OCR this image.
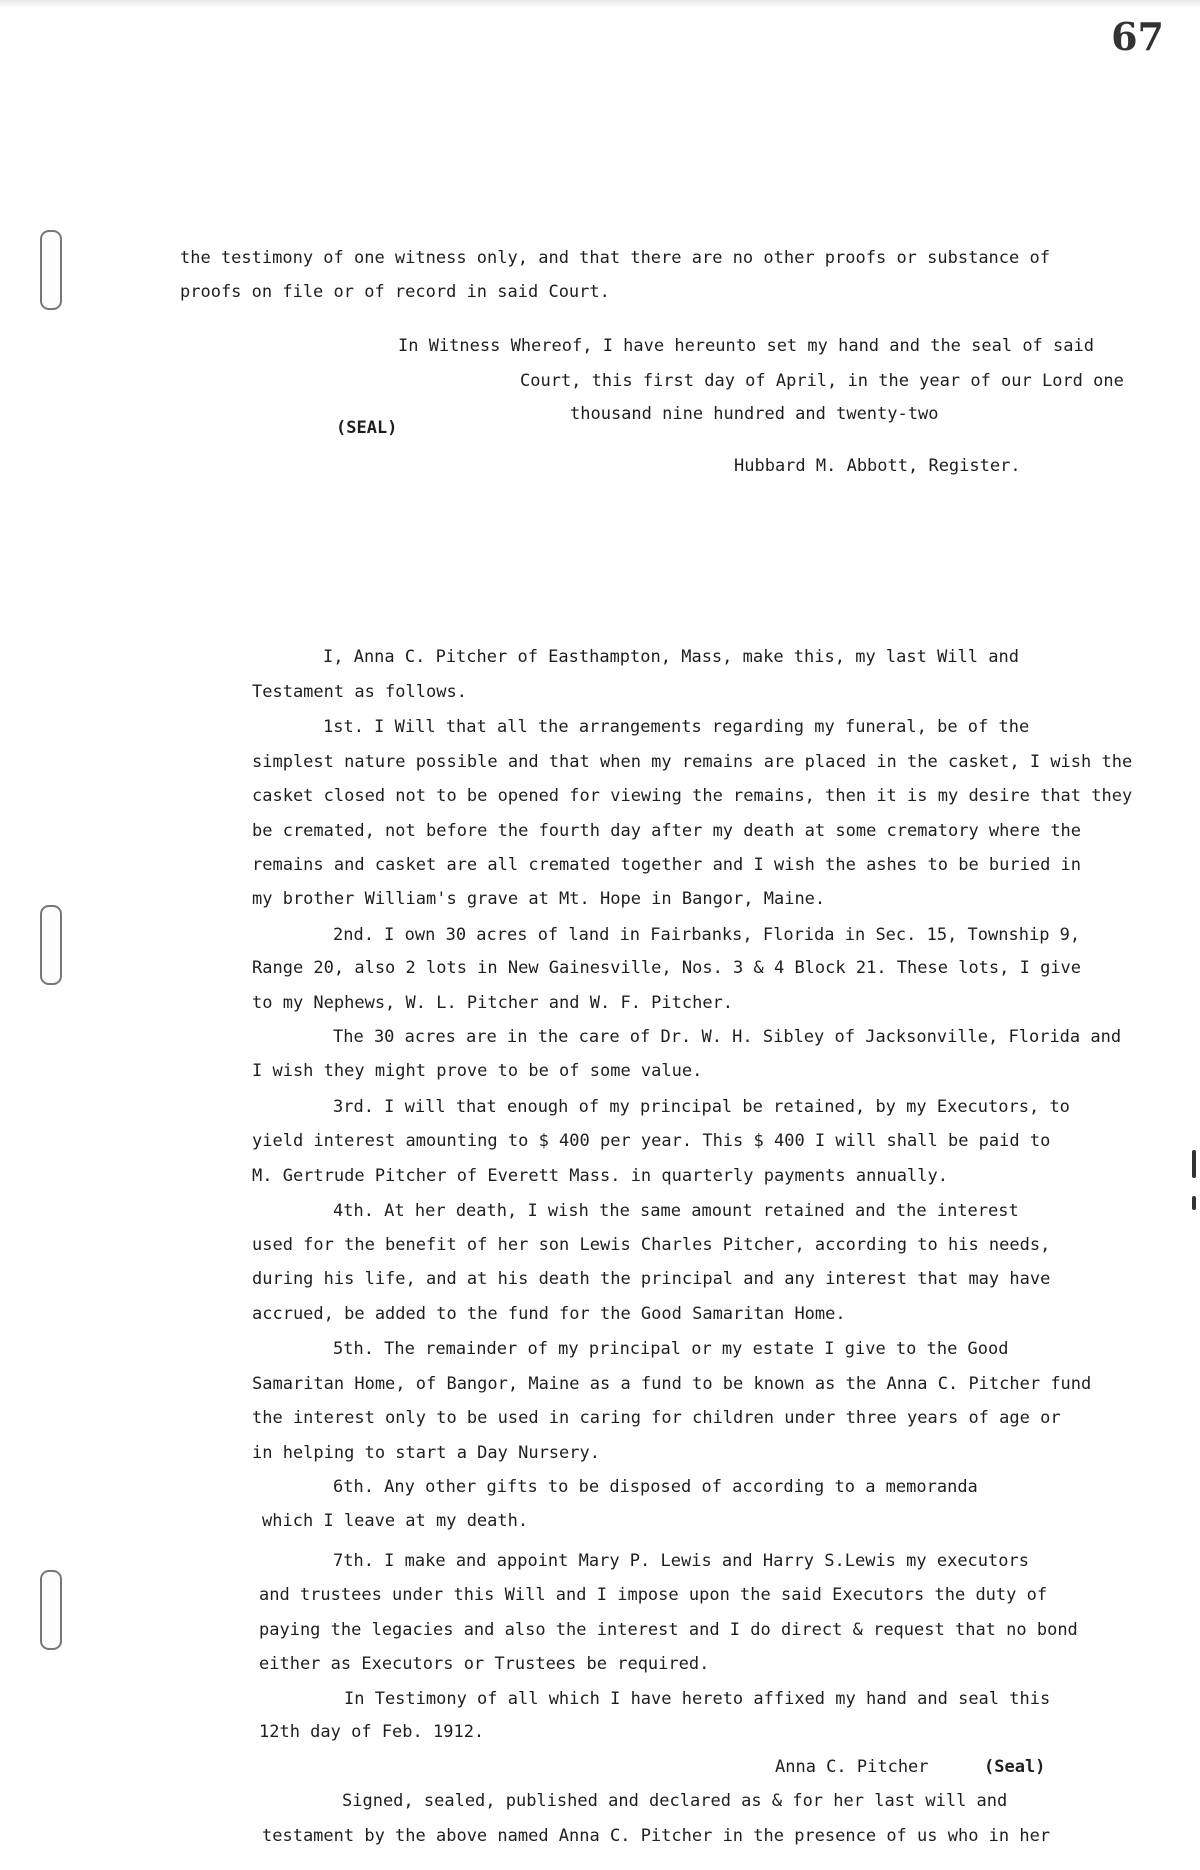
67
the testimony of one witness only, and that there are no other proofs or substance of
proofs on file or of record in said Court.
In Witness Whereof, I have hereunto set my hand and the seal of said
Court, this first day of April, in the year of our Lord one
(SEAL)
thousand nine hundred and twenty-two
Hubbard M. Abbott, Register.
I, Anna C. Pitcher of Easthampton, Mass, make this, my last Will and
Testament as follows.
1st. I Will that all the arrangements regarding my funeral, be of the
simplest nature possible and that when my remains are placed in the casket, I wish the
casket closed not to be opened for viewing the remains, then it is my desire that they
be cremated, not before the fourth day after my death at some crematory where the
remains and casket are all cremated together and I wish the ashes to be buried in
my brother William's grave at Mt. Hope in Bangor, Maine.
2nd. I own 30 acres of land in Fairbanks, Florida in Sec. 15, Township 9,
Range 20, also 2 lots in New Gainesville, Nos. 3 & 4 Block 21. These lots, I give
to my Nephews, W. L. Pitcher and W. F. Pitcher.
The 30 acres are in the care of Dr. W. H. Sibley of Jacksonville, Florida and
I wish they might prove to be of some value.
3rd. I will that enough of my principal be retained, by my Executors, to
yield interest amounting to $ 400 per year. This $ 400 I will shall be paid to
M. Gertrude Pitcher of Everett Mass. in quarterly payments annually.
4th. At her death, I wish the same amount retained and the interest
used for the benefit of her son Lewis Charles Pitcher, according to his needs,
during his life, and at his death the principal and any interest that may have
accrued, be added to the fund for the Good Samaritan Home.
5th. The remainder of my principal or my estate I give to the Good
Samaritan Home, of Bangor, Maine as a fund to be known as the Anna C. Pitcher fund
the interest only to be used in caring for children under three years of age or
in helping to start a Day Nursery.
6th. Any other gifts to be disposed of according to a memoranda
which I leave at my death.
7th. I make and appoint Mary P. Lewis and Harry S.Lewis my executors
and trustees under this Will and I impose upon the said Executors the duty of
paying the legacies and also the interest and I do direct & request that no bond
either as Executors or Trustees be required.
In Testimony of all which I have hereto affixed my hand and seal this
12th day of Feb. 1912.
Anna C. Pitcher	(Seal)
Signed, sealed, published and declared as & for her last will and
testament by the above named Anna C. Pitcher in the presence of us who in her
